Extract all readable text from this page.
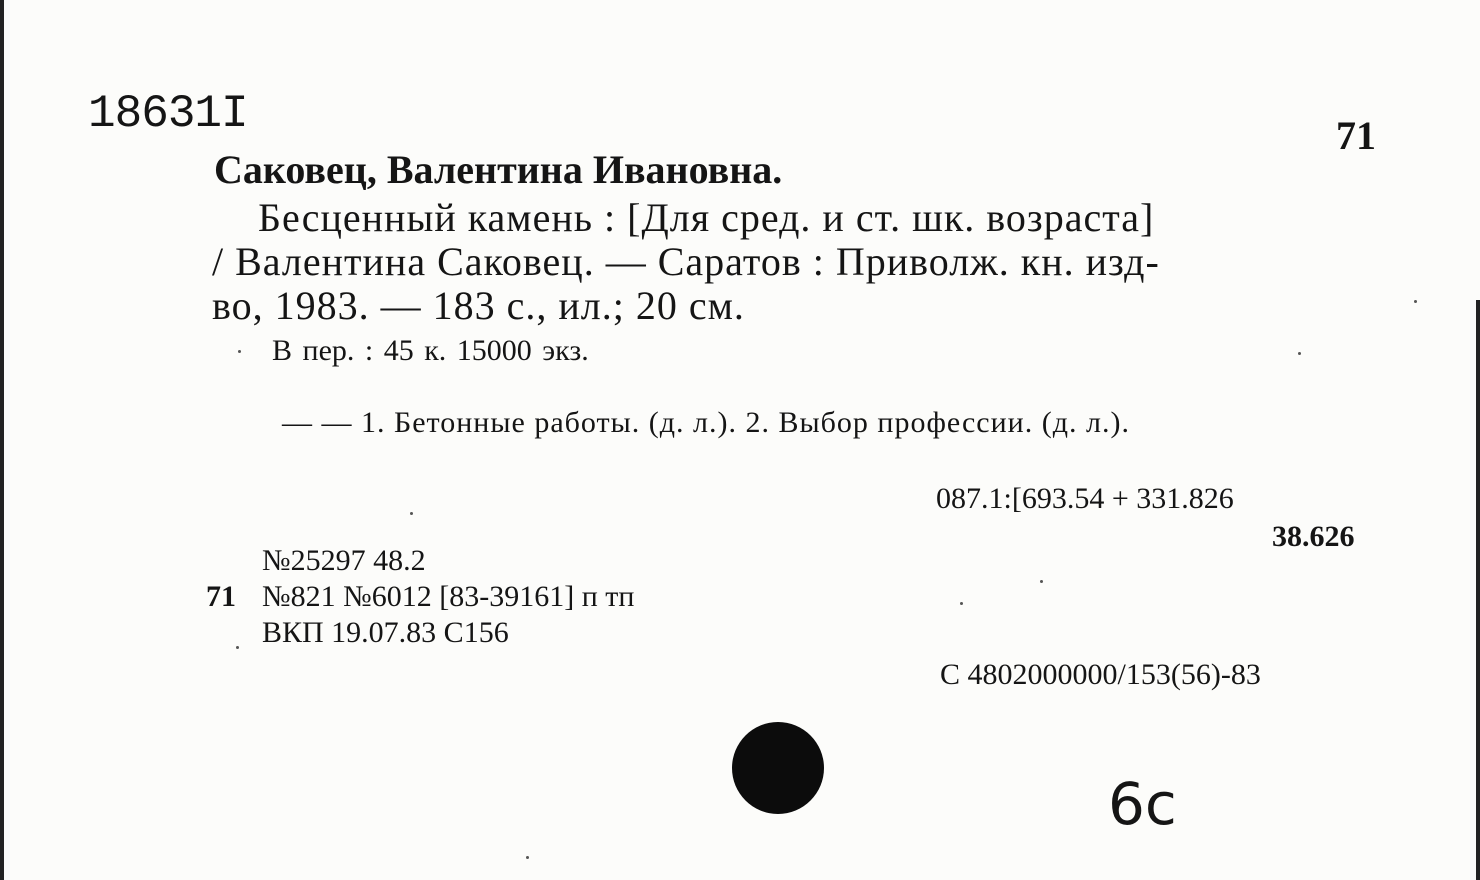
18631I	71
Саковец, Валентина Ивановна.
Бесценный камень : [Для сред. и ст. шк. возраста]
/ Валентина Саковец. — Саратов : Приволж. кн. изд-
во, 1983. — 183 с., ил.; 20 см.
В пер. : 45 к. 15000 экз.
— — 1. Бетонные работы. (д. л.). 2. Выбор профессии. (д. л.).
087.1:[693.54 + 331.826
38.626
№25297 48.2
71 №821 №6012 [83-39161] п тп
ВКП 19.07.83 С156
С 4802000000/153(56)-83
6с
